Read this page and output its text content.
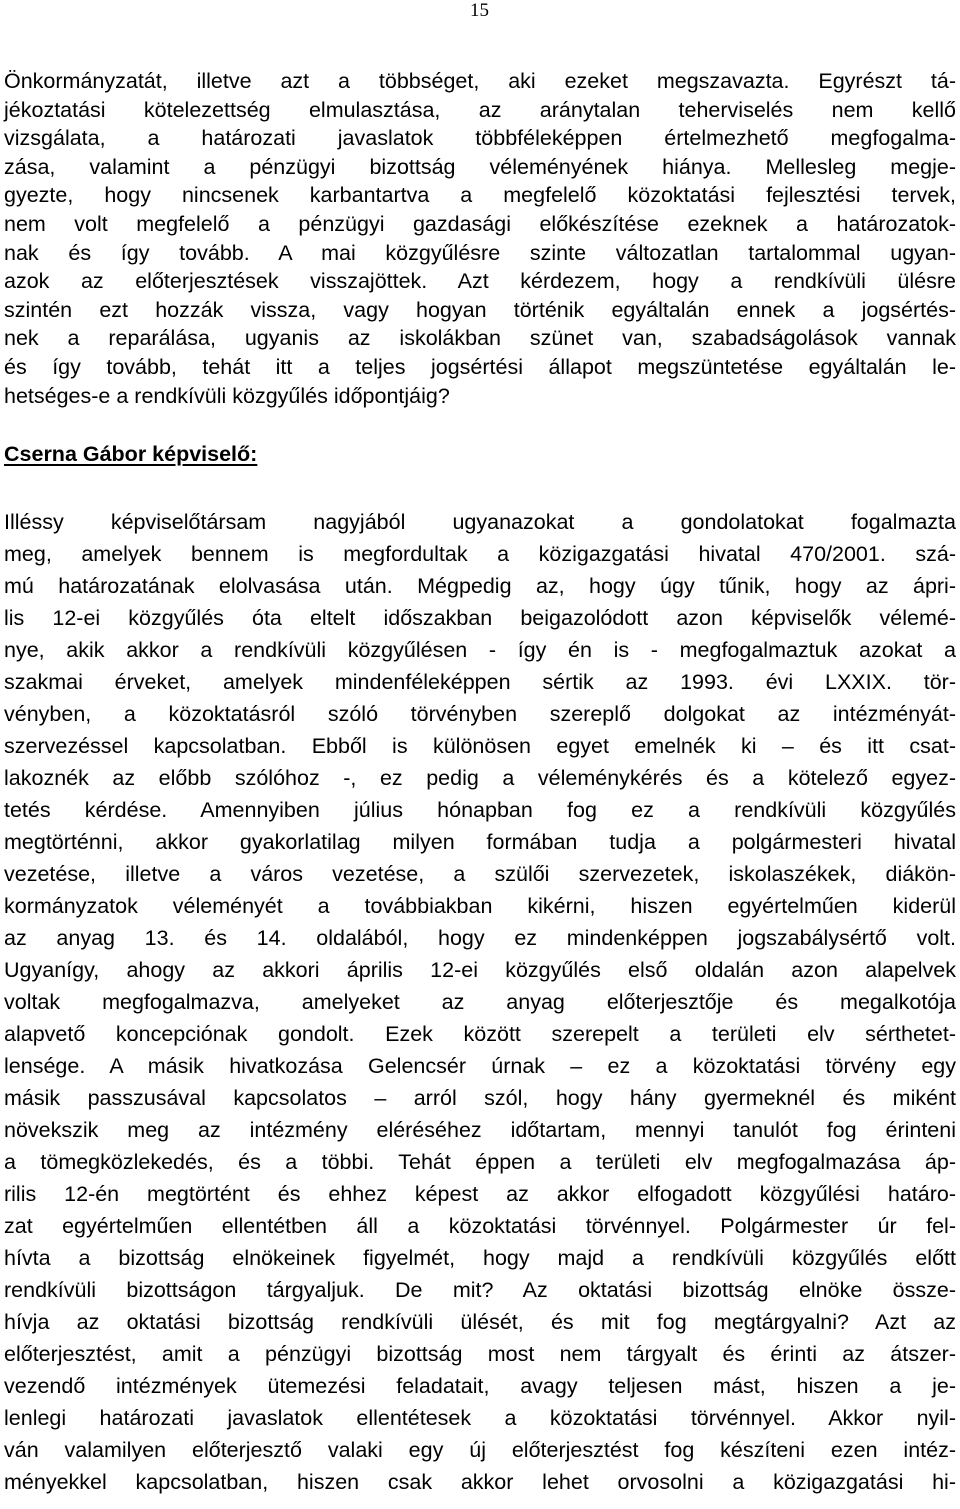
15
Önkormányzatát, illetve azt a többséget, aki ezeket megszavazta. Egyrészt tá-
jékoztatási kötelezettség elmulasztása, az aránytalan teherviselés nem kellő
vizsgálata, a határozati javaslatok többféleképpen értelmezhető megfogalma-
zása, valamint a pénzügyi bizottság véleményének hiánya. Mellesleg megje-
gyezte, hogy nincsenek karbantartva a megfelelő közoktatási fejlesztési tervek,
nem volt megfelelő a pénzügyi gazdasági előkészítése ezeknek a határozatok-
nak és így tovább. A mai közgyűlésre szinte változatlan tartalommal ugyan-
azok az előterjesztések visszajöttek. Azt kérdezem, hogy a rendkívüli ülésre
szintén ezt hozzák vissza, vagy hogyan történik egyáltalán ennek a jogsértés-
nek a reparálása, ugyanis az iskolákban szünet van, szabadságolások vannak
és így tovább, tehát itt a teljes jogsértési állapot megszüntetése egyáltalán le-
hetséges-e a rendkívüli közgyűlés időpontjáig?
Cserna Gábor képviselő:
Illéssy képviselőtársam nagyjából ugyanazokat a gondolatokat fogalmazta
meg, amelyek bennem is megfordultak a közigazgatási hivatal 470/2001. szá-
mú határozatának elolvasása után. Mégpedig az, hogy úgy tűnik, hogy az ápri-
lis 12-ei közgyűlés óta eltelt időszakban beigazolódott azon képviselők vélemé-
nye, akik akkor a rendkívüli közgyűlésen - így én is - megfogalmaztuk azokat a
szakmai érveket, amelyek mindenféleképpen sértik az 1993. évi LXXIX. tör-
vényben, a közoktatásról szóló törvényben szereplő dolgokat az intézményát-
szervezéssel kapcsolatban. Ebből is különösen egyet emelnék ki – és itt csat-
lakoznék az előbb szólóhoz -, ez pedig a véleménykérés és a kötelező egyez-
tetés kérdése. Amennyiben július hónapban fog ez a rendkívüli közgyűlés
megtörténni, akkor gyakorlatilag milyen formában tudja a polgármesteri hivatal
vezetése, illetve a város vezetése, a szülői szervezetek, iskolaszékek, diákön-
kormányzatok véleményét a továbbiakban kikérni, hiszen egyértelműen kiderül
az anyag 13. és 14. oldalából, hogy ez mindenképpen jogszabálysértő volt.
Ugyanígy, ahogy az akkori április 12-ei közgyűlés első oldalán azon alapelvek
voltak megfogalmazva, amelyeket az anyag előterjesztője és megalkotója
alapvető koncepciónak gondolt. Ezek között szerepelt a területi elv sérthetet-
lensége. A másik hivatkozása Gelencsér úrnak – ez a közoktatási törvény egy
másik passzusával kapcsolatos – arról szól, hogy hány gyermeknél és miként
növekszik meg az intézmény eléréséhez időtartam, mennyi tanulót fog érinteni
a tömegközlekedés, és a többi. Tehát éppen a területi elv megfogalmazása áp-
rilis 12-én megtörtént és ehhez képest az akkor elfogadott közgyűlési határo-
zat egyértelműen ellentétben áll a közoktatási törvénnyel. Polgármester úr fel-
hívta a bizottság elnökeinek figyelmét, hogy majd a rendkívüli közgyűlés előtt
rendkívüli bizottságon tárgyaljuk. De mit? Az oktatási bizottság elnöke össze-
hívja az oktatási bizottság rendkívüli ülését, és mit fog megtárgyalni? Azt az
előterjesztést, amit a pénzügyi bizottság most nem tárgyalt és érinti az átszer-
vezendő intézmények ütemezési feladatait, avagy teljesen mást, hiszen a je-
lenlegi határozati javaslatok ellentétesek a közoktatási törvénnyel. Akkor nyil-
ván valamilyen előterjesztő valaki egy új előterjesztést fog készíteni ezen intéz-
ményekkel kapcsolatban, hiszen csak akkor lehet orvosolni a közigazgatási hi-
